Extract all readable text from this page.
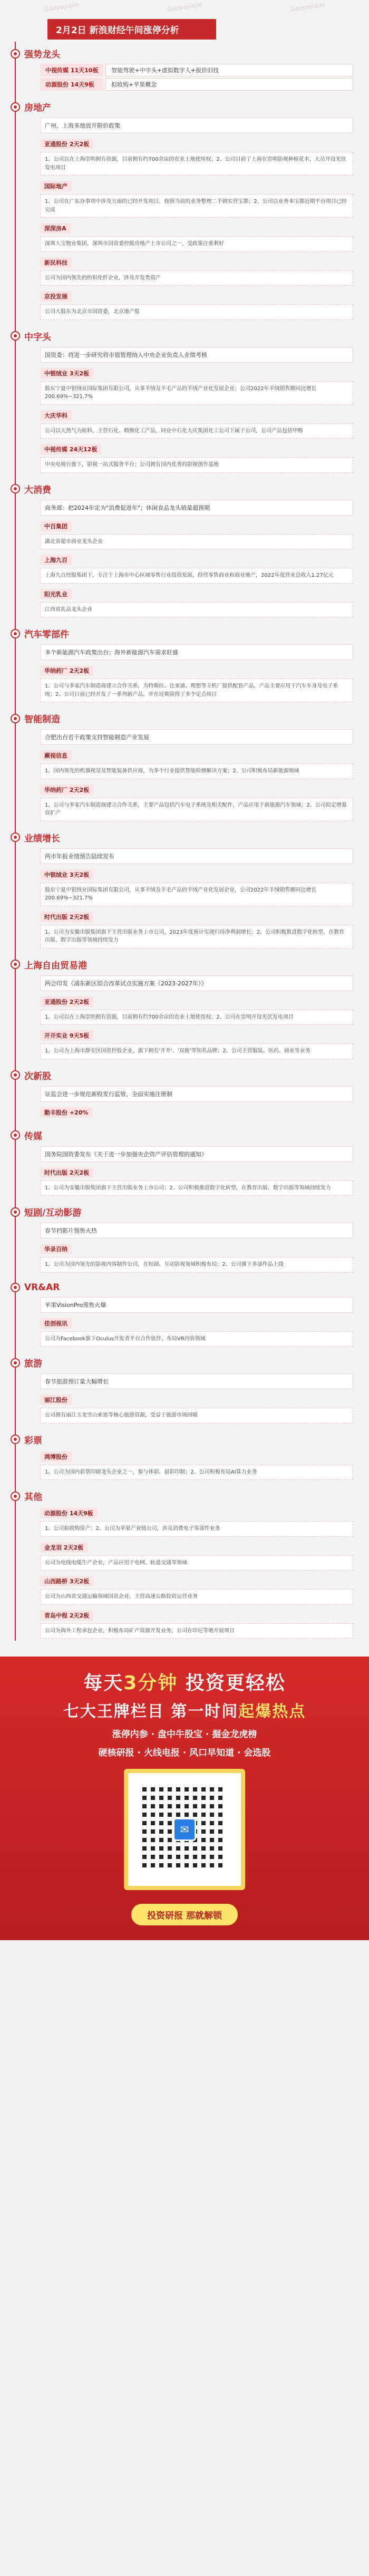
Gaoyajiajie	Gaoyajiajie	Gaoyajiajie
2月2日 新浪财经午间涨停分析
强势龙头
中视传媒 11天10板	智能驾驶+中字头+虚拟数字人+报价旧技
动源股份 14天9板	拟收购+苹果概念
房地产
广州、上海多地放开限价政策
亚通股份 2天2板
1、公司以在上海崇明拥有资源，目前拥有约700余亩的农业土地使用权；2、公司目前了上海在崇明影视种植花木，大员开设光伏发电项目
国际地产
1、公司在广东办事项中涉及方面的已经开发项目，按照当前的业务整理二手钢实营宝都；2、公司以业务本宝都近期平台项目已经完成
深深房A
深圳人宝物业集团，深圳市国资委控股房地产上市公司之一，受政策注重利好
新民科技
公司为国内领先的纺织化纤企业，涉及开发类资产
京投发展
公司大股东为北京市国资委，北京地产股
中字头
国资委：将进一步研究将市值管理纳入中央企业负责人业绩考核
中银绒业 3天2板
股东宁夏中银绒业国际集团有限公司。从事羊绒及羊毛产品的羊绒产业化发展企业；公司2022年羊绒销售额同比增长200.69%~321.7%
大庆华科
公司以天然气为原料，主营石化、精细化工产品，同业中石化大庆集团化工公司下属子公司，公司产品包括甲醇
中视传媒 24天12板
中央电视台旗下，影视一站式服务平台；公司拥有国内优秀的影视创作基地
大消费
商务部：把2024年定为"消费促进年"；休闲食品龙头销量超预期
中百集团
湖北省超市商业龙头企业
上海九百
上海九百控股集团下，专注于上海市中心区域零售行业投资发展，经营零售商业和商业地产，2022年度营业总收入1.27亿元
阳光乳业
江西省乳品龙头企业
汽车零部件
多个新能源汽车政策出台；海外新能源汽车需求旺盛
华纳药厂 2天2板
1、公司与多家汽车制造商建立合作关系，为特斯拉、比亚迪、理想等主机厂提供配套产品，产品主要应用于汽车车身及电子系统；2、公司目前已经开发了一系列新产品，并在近期获得了多个定点项目
智能制造
合肥出台若干政策支持智能制造产业发展
蕨视信息
1、国内领先的机器视觉及智能装备供应商，为多个行业提供智能检测解决方案；2、公司积极布局新能源领域
华纳药厂 2天2板
1、公司与多家汽车制造商建立合作关系，主要产品包括汽车电子系统及相关配件，产品应用于新能源汽车领域；2、公司拟定增募资扩产
业绩增长
两市年报业绩预告陆续发布
中银绒业 3天2板
股东宁夏中银绒业国际集团有限公司，从事羊绒及羊毛产品的羊绒产业化发展企业，公司2022年羊绒销售额同比增长200.69%~321.7%
时代出版 2天2板
1、公司为安徽出版集团旗下主营出版业务上市公司，2023年度预计实现归母净利润增长；2、公司积极推进数字化转型，在教育出版、数字出版等领域持续发力
上海自由贸易港
两会印发《浦东新区综合改革试点实施方案（2023-2027年）》
亚通股份 2天2板
1、公司以在上海崇明拥有资源，目前拥有约700余亩的农业土地使用权；2、公司在崇明开设光伏发电项目
开开实业 9天5板
1、公司为上海市静安区国资控股企业，旗下拥有'开开'、'双鹿'等知名品牌；2、公司主营服装、医药、商业等业务
次新股
证监会进一步规范新股发行监管，全面实施注册制
勤丰股份 +20%
传媒
国务院国资委发布《关于进一步加强央企资产评估管理的通知》
时代出版 2天2板
1、公司为安徽出版集团旗下主营出版业务上市公司；2、公司积极推进数字化转型，在教育出版、数字出版等领域持续发力
短剧/互动影游
春节档影片预售火热
华录百纳
1、公司为国内领先的影视内容制作公司，在短剧、互动影视领域积极布局；2、公司旗下多部作品上线
VR&AR
苹果VisionPro预售火爆
佳创视讯
公司为Facebook旗下Oculus开发者平台合作伙伴，布局VR内容领域
旅游
春节旅游预订量大幅增长
丽江股份
公司拥有丽江玉龙雪山索道等核心旅游资源，受益于旅游市场回暖
彩票
鸿博股份
1、公司为国内彩票印刷龙头企业之一，参与体彩、福彩印制；2、公司积极布局AI算力业务
其他
动源股份 14天9板
1、公司拟收购资产；2、公司为苹果产业链公司，涉及消费电子零部件业务
金龙羽 2天2板
公司为电线电缆生产企业，产品应用于电网、轨道交通等领域
山西路桥 3天2板
公司为山西省交通运输领域国资企业，主营高速公路投资运营业务
青岛中程 2天2板
公司为海外工程承包企业，积极布局矿产资源开发业务，公司在印尼等地开展项目
每天3分钟 投资更轻松
七大王牌栏目 第一时间起爆热点
涨停内参 · 盘中牛股宝 · 掘金龙虎榜
硬核研报 · 火线电报 · 风口早知道 · 会选股
✉
投资研报 那就解锁
